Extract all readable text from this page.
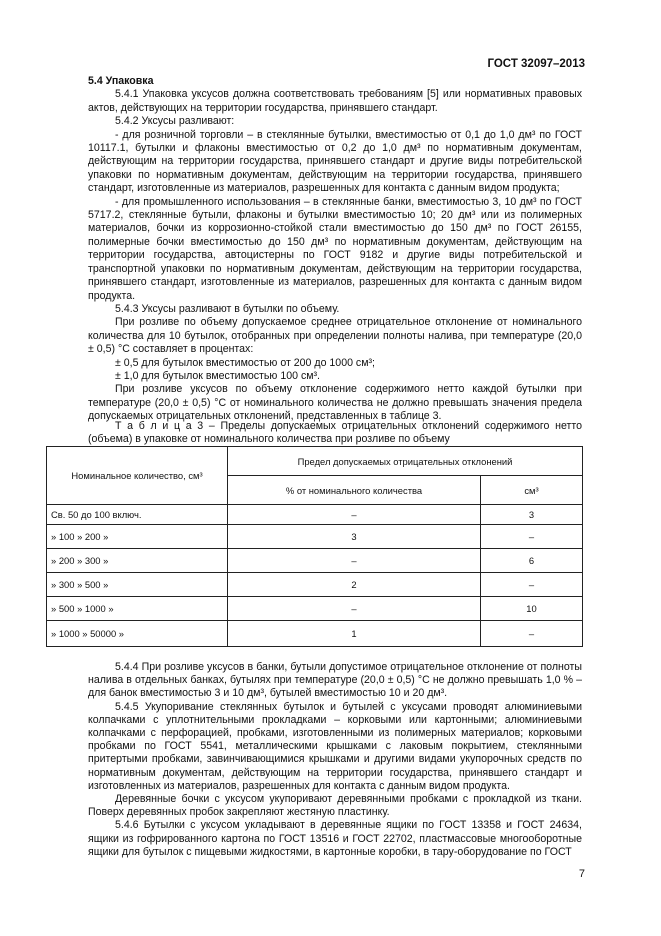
ГОСТ 32097–2013

5.4 Упаковка

5.4.1 Упаковка уксусов должна соответствовать требованиям [5] или нормативных правовых актов, действующих на территории государства, принявшего стандарт.

5.4.2 Уксусы разливают:

- для розничной торговли – в стеклянные бутылки, вместимостью от 0,1 до 1,0 дм³ по ГОСТ 10117.1, бутылки и флаконы вместимостью от 0,2 до 1,0 дм³ по нормативным документам, действующим на территории государства, принявшего стандарт и другие виды потребительской упаковки по нормативным документам, действующим на территории государства, принявшего стандарт, изготовленные из материалов, разрешенных для контакта с данным видом продукта;

- для промышленного использования – в стеклянные банки, вместимостью 3, 10 дм³ по ГОСТ 5717.2, стеклянные бутыли, флаконы и бутылки вместимостью 10; 20 дм³ или из полимерных материалов, бочки из коррозионно-стойкой стали вместимостью до 150 дм³ по ГОСТ 26155, полимерные бочки вместимостью до 150 дм³ по нормативным документам, действующим на территории государства, автоцистерны по ГОСТ 9182 и другие виды потребительской и транспортной упаковки по нормативным документам, действующим на территории государства, принявшего стандарт, изготовленные из материалов, разрешенных для контакта с данным видом продукта.

5.4.3 Уксусы разливают в бутылки по объему.

При розливе по объему допускаемое среднее отрицательное отклонение от номинального количества для 10 бутылок, отобранных при определении полноты налива, при температуре (20,0 ± 0,5) °С составляет в процентах:

± 0,5 для бутылок вместимостью от 200 до 1000 см³;

± 1,0 для бутылок вместимостью 100 см³.

При розливе уксусов по объему отклонение содержимого нетто каждой бутылки при температуре (20,0 ± 0,5) °С от номинального количества не должно превышать значения предела допускаемых отрицательных отклонений, представленных в таблице 3.

Т а б л и ц а 3 – Пределы допускаемых отрицательных отклонений содержимого нетто (объема) в упаковке от номинального количества при розливе по объему

Номинальное количество, см³	Предел допускаемых отрицательных отклонений	
	% от номинального количества	см³
Св. 50 до 100 включ.	–	3
» 100 » 200 »	3	–
» 200 » 300 »	–	6
» 300 » 500 »	2	–
» 500 » 1000 »	–	10
» 1000 » 50000 »	1	–

5.4.4 При розливе уксусов в банки, бутыли допустимое отрицательное отклонение от полноты налива в отдельных банках, бутылях при температуре (20,0 ± 0,5) °С не должно превышать 1,0 % – для банок вместимостью 3 и 10 дм³, бутылей вместимостью 10 и 20 дм³.

5.4.5 Укупоривание стеклянных бутылок и бутылей с уксусами проводят алюминиевыми колпачками с уплотнительными прокладками – корковыми или картонными; алюминиевыми колпачками с перфорацией, пробками, изготовленными из полимерных материалов; корковыми пробками по ГОСТ 5541, металлическими крышками с лаковым покрытием, стеклянными притертыми пробками, завинчивающимися крышками и другими видами укупорочных средств по нормативным документам, действующим на территории государства, принявшего стандарт и изготовленных из материалов, разрешенных для контакта с данным видом продукта.

Деревянные бочки с уксусом укупоривают деревянными пробками с прокладкой из ткани. Поверх деревянных пробок закрепляют жестяную пластинку.

5.4.6 Бутылки с уксусом укладывают в деревянные ящики по ГОСТ 13358 и ГОСТ 24634, ящики из гофрированного картона по ГОСТ 13516 и ГОСТ 22702, пластмассовые многооборотные ящики для бутылок с пищевыми жидкостями, в картонные коробки, в тару-оборудование по ГОСТ

7
